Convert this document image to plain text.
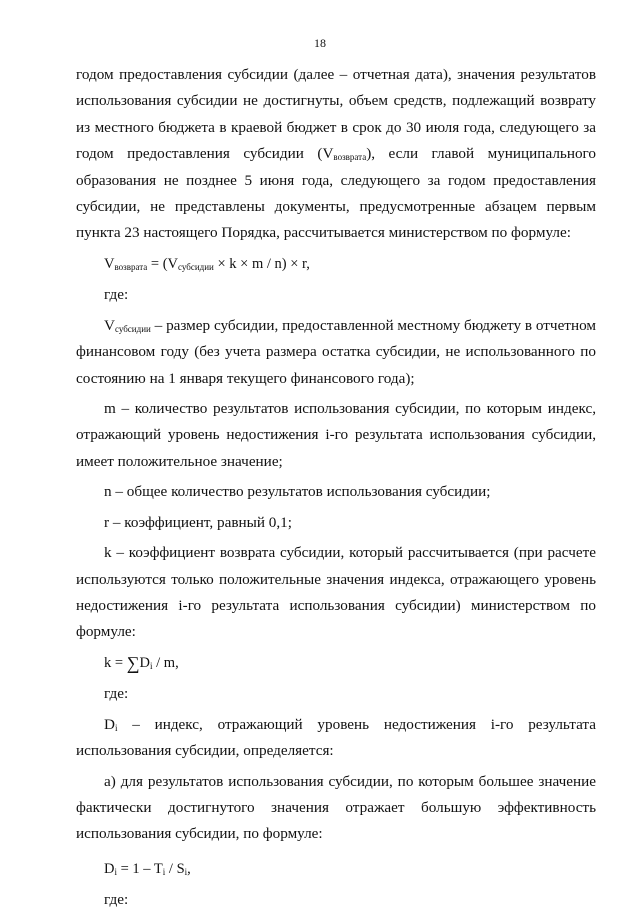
18

годом предоставления субсидии (далее – отчетная дата), значения результатов использования субсидии не достигнуты, объем средств, подлежащий возврату из местного бюджета в краевой бюджет в срок до 30 июля года, следующего за годом предоставления субсидии $(V_{возврата})$, если главой муниципального образования не позднее 5 июня года, следующего за годом предоставления субсидии, не представлены документы, предусмотренные абзацем первым пункта 23 настоящего Порядка, рассчитывается министерством по формуле:

$V_{возврата} = (V_{субсидии} \times k \times m / n) \times r$,

где:

$V_{субсидии}$ – размер субсидии, предоставленной местному бюджету в отчетном финансовом году (без учета размера остатка субсидии, не использованного по состоянию на 1 января текущего финансового года);

m – количество результатов использования субсидии, по которым индекс, отражающий уровень недостижения i-го результата использования субсидии, имеет положительное значение;

n – общее количество результатов использования субсидии;

r – коэффициент, равный 0,1;

k – коэффициент возврата субсидии, который рассчитывается (при расчете используются только положительные значения индекса, отражающего уровень недостижения i-го результата использования субсидии) министерством по формуле:

$k = \sum D_i / m$,

где:

$D_i$ – индекс, отражающий уровень недостижения i-го результата использования субсидии, определяется:

а) для результатов использования субсидии, по которым большее значение фактически достигнутого значения отражает большую эффективность использования субсидии, по формуле:

$D_i = 1 - T_i / S_i$,

где:
